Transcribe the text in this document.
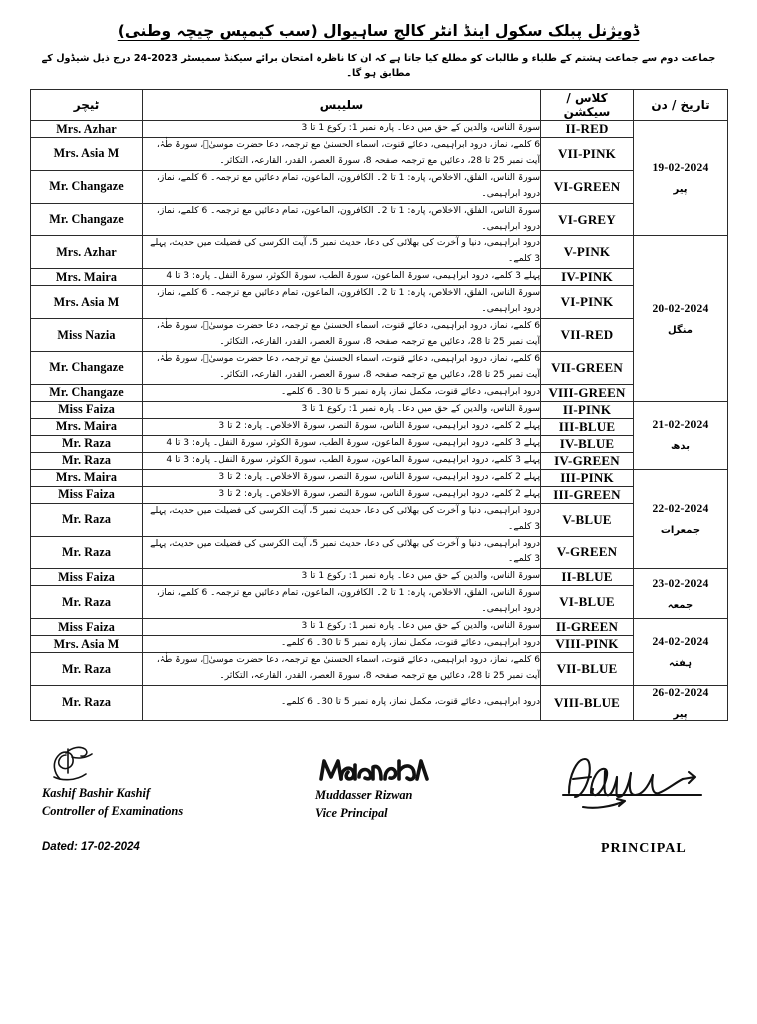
ڈویژنل پبلک سکول اینڈ انٹر کالج ساہیوال (سب کیمپس چیچہ وطنی)
جماعت دوم سے جماعت ہشتم کے طلباء و طالبات کو مطلع کیا جاتا ہے کہ ان کا ناظرہ امتحان برائے سیکنڈ سمیسٹر 2023-24 درج ذیل شیڈول کے مطابق ہو گا۔
ٹیچر	سلیبس	کلاس / سیکشن	تاریخ / دن
Mrs. Azhar	سورۃ الناس، والدین کے حق میں دعا۔ پارہ نمبر 1: رکوع 1 تا 3	II-RED	19-02-2024
پیر

Mrs. Asia M	6 کلمے، نماز، درود ابراہیمی، دعائے قنوت، اسماء الحسنیٰ مع ترجمہ، دعا حضرت موسیٰؑ، سورۃ طٰہٰ، آیت نمبر 25 تا 28، دعائیں مع ترجمہ صفحہ 8، سورۃ العصر، القدر، القارعہ، التکاثر۔	VII-PINK	
Mr. Changaze	سورۃ الناس، الفلق، الاخلاص، پارہ: 1 تا 2۔ الکافرون، الماعون، تمام دعائیں مع ترجمہ۔ 6 کلمے، نماز، درود ابراہیمی۔	VI-GREEN	
Mr. Changaze	سورۃ الناس، الفلق، الاخلاص، پارہ: 1 تا 2۔ الکافرون، الماعون، تمام دعائیں مع ترجمہ۔ 6 کلمے، نماز، درود ابراہیمی۔	VI-GREY	
Mrs. Azhar	درود ابراہیمی، دنیا و آخرت کی بھلائی کی دعا، حدیث نمبر 5، آیت الکرسی کی فضیلت میں حدیث، پہلے 3 کلمے۔	V-PINK	20-02-2024
منگل

Mrs. Maira	پہلے 3 کلمے، درود ابراہیمی، سورۃ الماعون، سورۃ الطب، سورۃ الکوثر، سورۃ النفل۔ پارہ: 3 تا 4	IV-PINK	
Mrs. Asia M	سورۃ الناس، الفلق، الاخلاص، پارہ: 1 تا 2۔ الکافرون، الماعون، تمام دعائیں مع ترجمہ۔ 6 کلمے، نماز، درود ابراہیمی۔	VI-PINK	
Miss Nazia	6 کلمے، نماز، درود ابراہیمی، دعائے قنوت، اسماء الحسنیٰ مع ترجمہ، دعا حضرت موسیٰؑ، سورۃ طٰہٰ، آیت نمبر 25 تا 28، دعائیں مع ترجمہ صفحہ 8، سورۃ العصر، القدر، القارعہ، التکاثر۔	VII-RED	
Mr. Changaze	6 کلمے، نماز، درود ابراہیمی، دعائے قنوت، اسماء الحسنیٰ مع ترجمہ، دعا حضرت موسیٰؑ، سورۃ طٰہٰ، آیت نمبر 25 تا 28، دعائیں مع ترجمہ صفحہ 8، سورۃ العصر، القدر، القارعہ، التکاثر۔	VII-GREEN	
Mr. Changaze	درود ابراہیمی، دعائے قنوت، مکمل نماز، پارہ نمبر 5 تا 30۔ 6 کلمے۔	VIII-GREEN	
Miss Faiza	سورۃ الناس، والدین کے حق میں دعا۔ پارہ نمبر 1: رکوع 1 تا 3	II-PINK	21-02-2024
بدھ

Mrs. Maira	پہلے 2 کلمے، درود ابراہیمی، سورۃ الناس، سورۃ النصر، سورۃ الاخلاص۔ پارہ: 2 تا 3	III-BLUE	
Mr. Raza	پہلے 3 کلمے، درود ابراہیمی، سورۃ الماعون، سورۃ الطب، سورۃ الکوثر، سورۃ النفل۔ پارہ: 3 تا 4	IV-BLUE	
Mr. Raza	پہلے 3 کلمے، درود ابراہیمی، سورۃ الماعون، سورۃ الطب، سورۃ الکوثر، سورۃ النفل۔ پارہ: 3 تا 4	IV-GREEN	
Mrs. Maira	پہلے 2 کلمے، درود ابراہیمی، سورۃ الناس، سورۃ النصر، سورۃ الاخلاص۔ پارہ: 2 تا 3	III-PINK	22-02-2024
جمعرات

Miss Faiza	پہلے 2 کلمے، درود ابراہیمی، سورۃ الناس، سورۃ النصر، سورۃ الاخلاص۔ پارہ: 2 تا 3	III-GREEN	
Mr. Raza	درود ابراہیمی، دنیا و آخرت کی بھلائی کی دعا، حدیث نمبر 5، آیت الکرسی کی فضیلت میں حدیث، پہلے 3 کلمے۔	V-BLUE	
Mr. Raza	درود ابراہیمی، دنیا و آخرت کی بھلائی کی دعا، حدیث نمبر 5، آیت الکرسی کی فضیلت میں حدیث، پہلے 3 کلمے۔	V-GREEN	
Miss Faiza	سورۃ الناس، والدین کے حق میں دعا۔ پارہ نمبر 1: رکوع 1 تا 3	II-BLUE	23-02-2024
جمعہ

Mr. Raza	سورۃ الناس، الفلق، الاخلاص، پارہ: 1 تا 2۔ الکافرون، الماعون، تمام دعائیں مع ترجمہ۔ 6 کلمے، نماز، درود ابراہیمی۔	VI-BLUE	
Miss Faiza	سورۃ الناس، والدین کے حق میں دعا۔ پارہ نمبر 1: رکوع 1 تا 3	II-GREEN	24-02-2024
ہفتہ

Mrs. Asia M	درود ابراہیمی، دعائے قنوت، مکمل نماز، پارہ نمبر 5 تا 30۔ 6 کلمے۔	VIII-PINK	
Mr. Raza	6 کلمے، نماز، درود ابراہیمی، دعائے قنوت، اسماء الحسنیٰ مع ترجمہ، دعا حضرت موسیٰؑ، سورۃ طٰہٰ، آیت نمبر 25 تا 28، دعائیں مع ترجمہ صفحہ 8، سورۃ العصر، القدر، القارعہ، التکاثر۔	VII-BLUE	
Mr. Raza	درود ابراہیمی، دعائے قنوت، مکمل نماز، پارہ نمبر 5 تا 30۔ 6 کلمے۔	VIII-BLUE	26-02-2024
پیر
Kashif Bashir Kashif
Controller of Examinations
Dated: 17-02-2024
Muddasser Rizwan
Vice Principal
PRINCIPAL
